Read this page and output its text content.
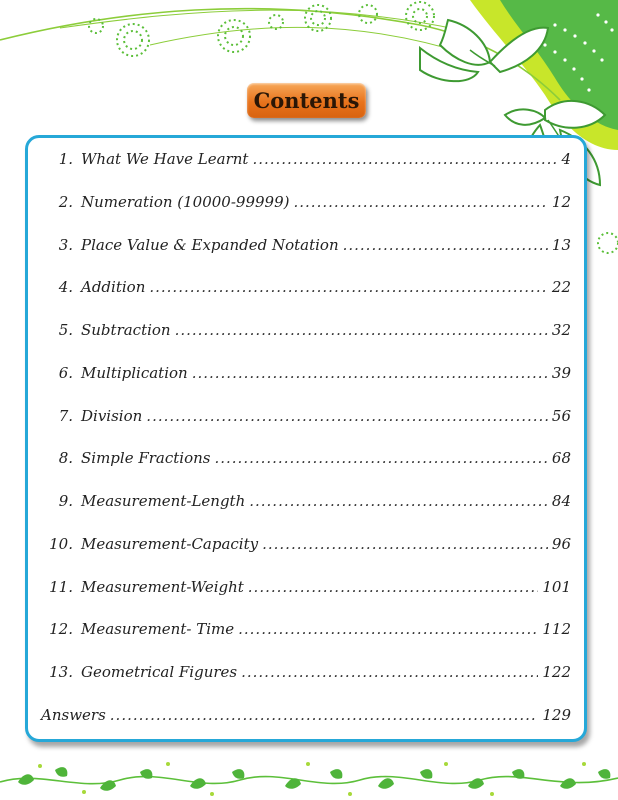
Contents
1. What We Have Learnt .....	4
2. Numeration (10000-99999) .....	12
3. Place Value & Expanded Notation .....	13
4. Addition .....	22
5. Subtraction .....	32
6. Multiplication .....	39
7. Division .....	56
8. Simple Fractions .....	68
9. Measurement-Length .....	84
10. Measurement-Capacity .....	96
11. Measurement-Weight .....	101
12. Measurement- Time .....	112
13. Geometrical Figures .....	122
Answers .....	129
